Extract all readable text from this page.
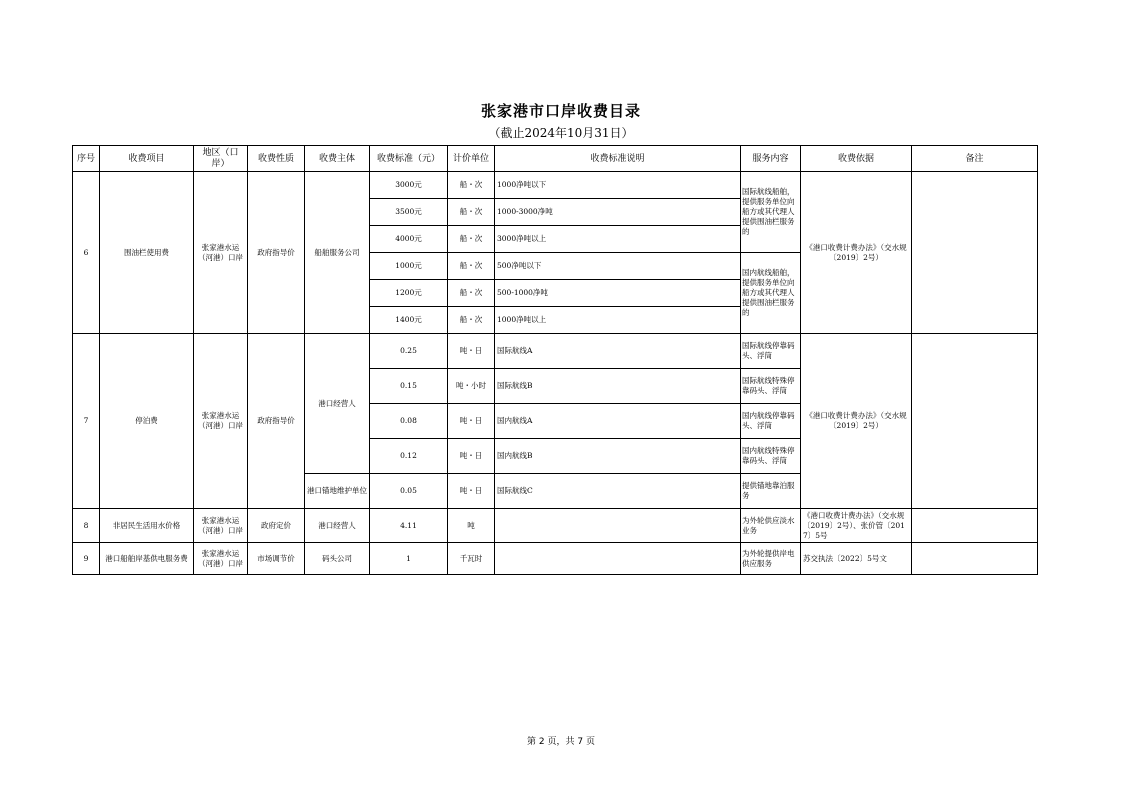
张家港市口岸收费目录
（截止2024年10月31日）
序号	收费项目	地区（口岸）	收费性质	收费主体	收费标准（元）	计价单位	收费标准说明	服务内容	收费依据	备注
6	围油栏使用费	张家港水运（河港）口岸	政府指导价	船舶服务公司	3000元	船・次	1000净吨以下	国际航线船舶，提供服务单位向船方或其代理人提供围油栏服务的	《港口收费计费办法》（交水规〔2019〕2号）	
					3500元	船・次	1000-3000净吨			
					4000元	船・次	3000净吨以上			
					1000元	船・次	500净吨以下	国内航线船舶，提供服务单位向船方或其代理人提供围油栏服务的		
					1200元	船・次	500-1000净吨			
					1400元	船・次	1000净吨以上			
7	停泊费	张家港水运（河港）口岸	政府指导价	港口经营人	0.25	吨・日	国际航线A	国际航线停靠码头、浮筒	《港口收费计费办法》（交水规〔2019〕2号）	
					0.15	吨・小时	国际航线B	国际航线特殊停靠码头、浮筒		
					0.08	吨・日	国内航线A	国内航线停靠码头、浮筒		
					0.12	吨・日	国内航线B	国内航线特殊停靠码头、浮筒		
				港口锚地维护单位	0.05	吨・日	国际航线C	提供锚地靠泊服务		
8	非居民生活用水价格	张家港水运（河港）口岸	政府定价	港口经营人	4.11	吨		为外轮供应淡水业务	《港口收费计费办法》（交水规〔2019〕2号）、张价管〔2017〕5号	
9	港口船舶岸基供电服务费	张家港水运（河港）口岸	市场调节价	码头公司	1	千瓦时		为外轮提供岸电供应服务	苏交执法〔2022〕5号文	
第 2 页，共 7 页
